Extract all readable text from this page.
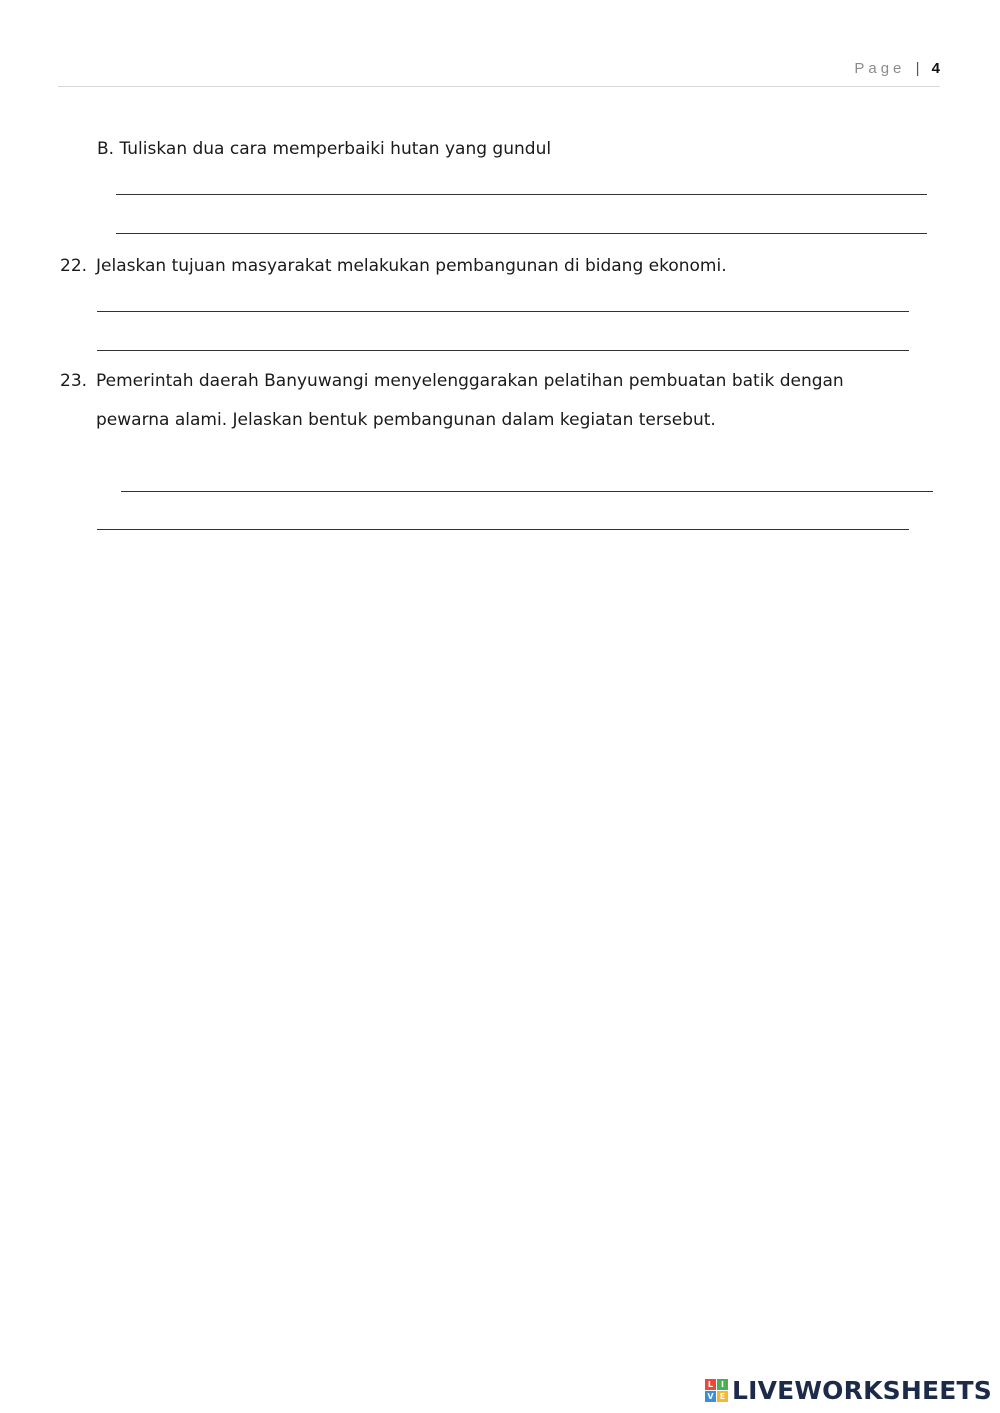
Page | 4
B. Tuliskan dua cara memperbaiki hutan yang gundul
22. Jelaskan tujuan masyarakat melakukan pembangunan di bidang ekonomi.
23. Pemerintah daerah Banyuwangi menyelenggarakan pelatihan pembuatan batik dengan
pewarna alami. Jelaskan bentuk pembangunan dalam kegiatan tersebut.
L I
V E LIVEWORKSHEETS
